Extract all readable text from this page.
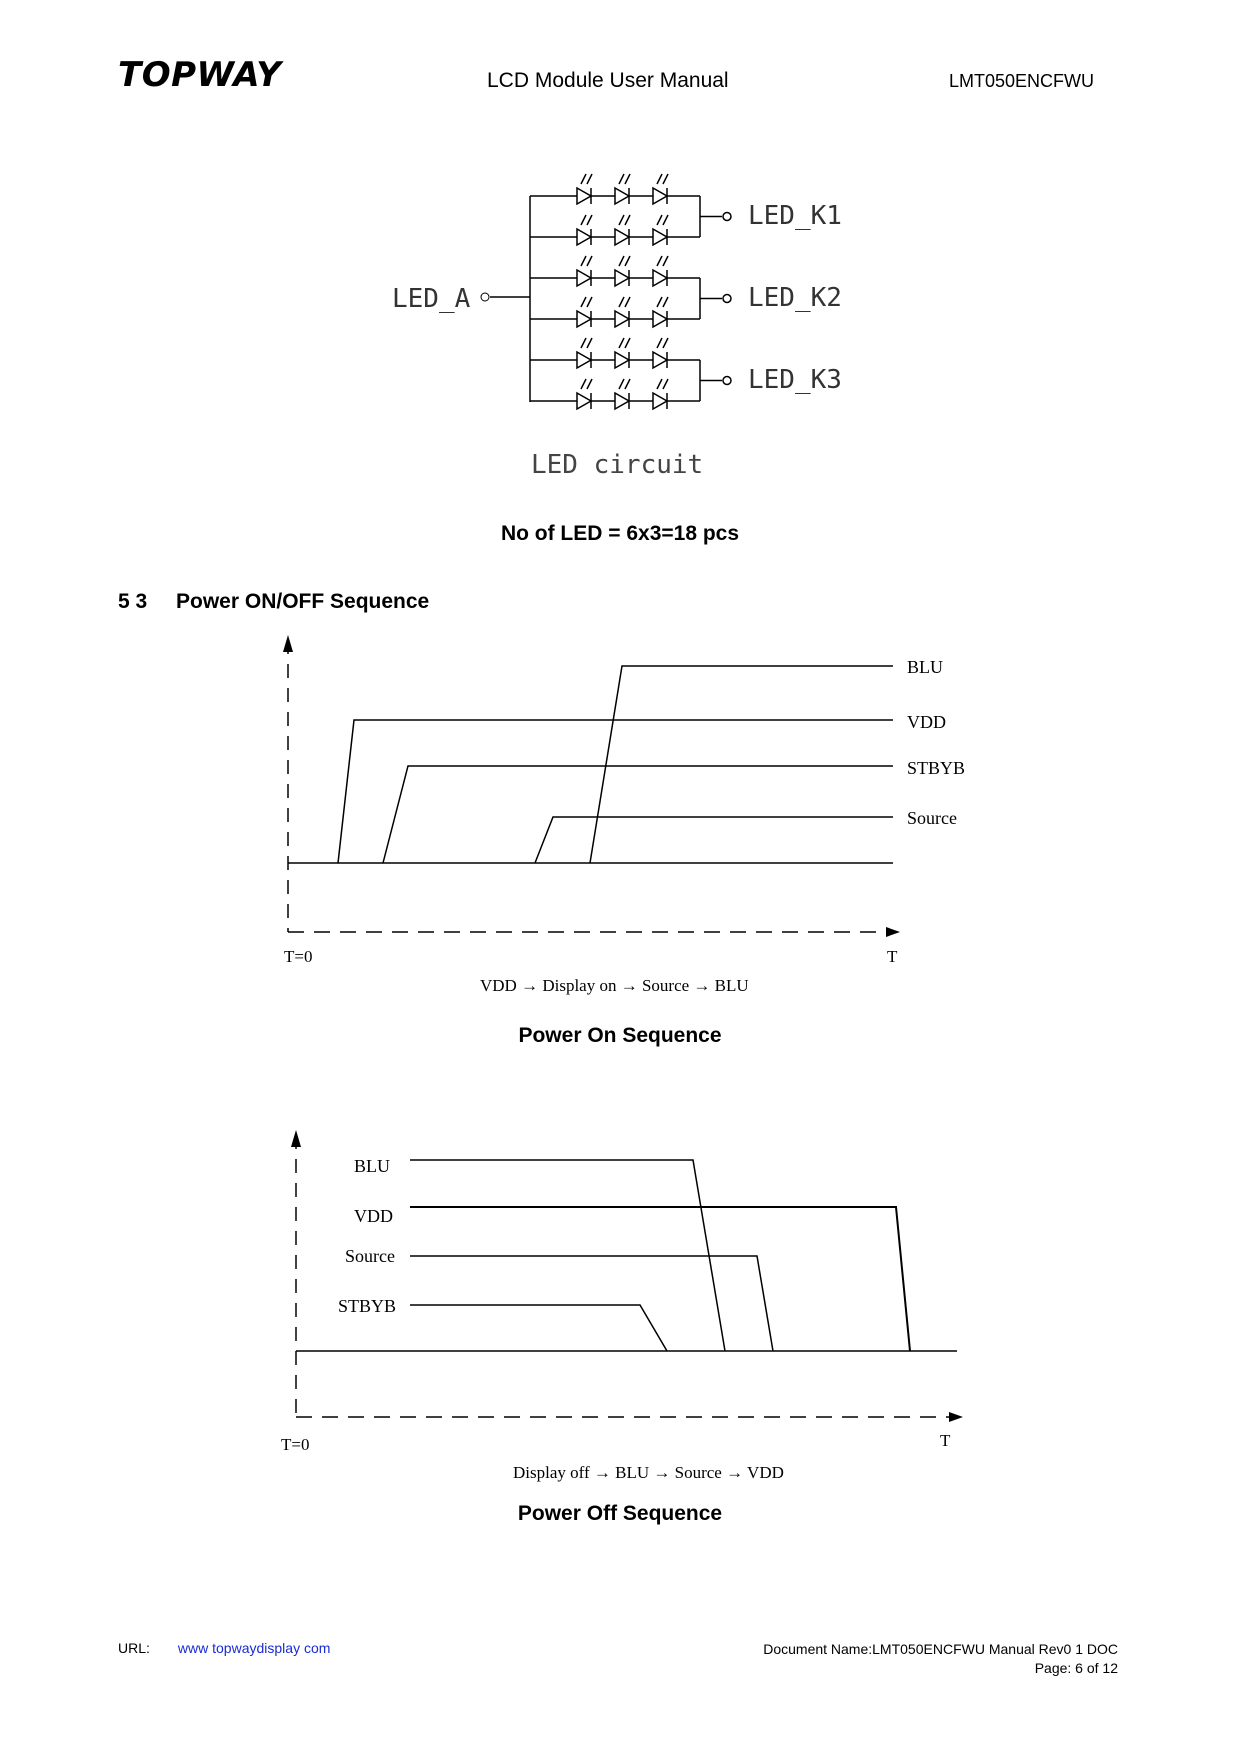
TOPWAY	LCD Module User Manual	LMT050ENCFWU
LED_A
LED_K1
LED_K2
LED_K3
LED circuit
No of LED = 6x3=18 pcs
5 3 Power ON/OFF Sequence
BLU
VDD
STBYB
Source
T=0	T
VDD → Display on → Source → BLU
Power On Sequence
BLU
VDD
Source
STBYB
T=0	T
Display off → BLU → Source → VDD
Power Off Sequence
URL: www topwaydisplay com	Document Name:LMT050ENCFWU Manual Rev0 1 DOC
Page: 6 of 12
